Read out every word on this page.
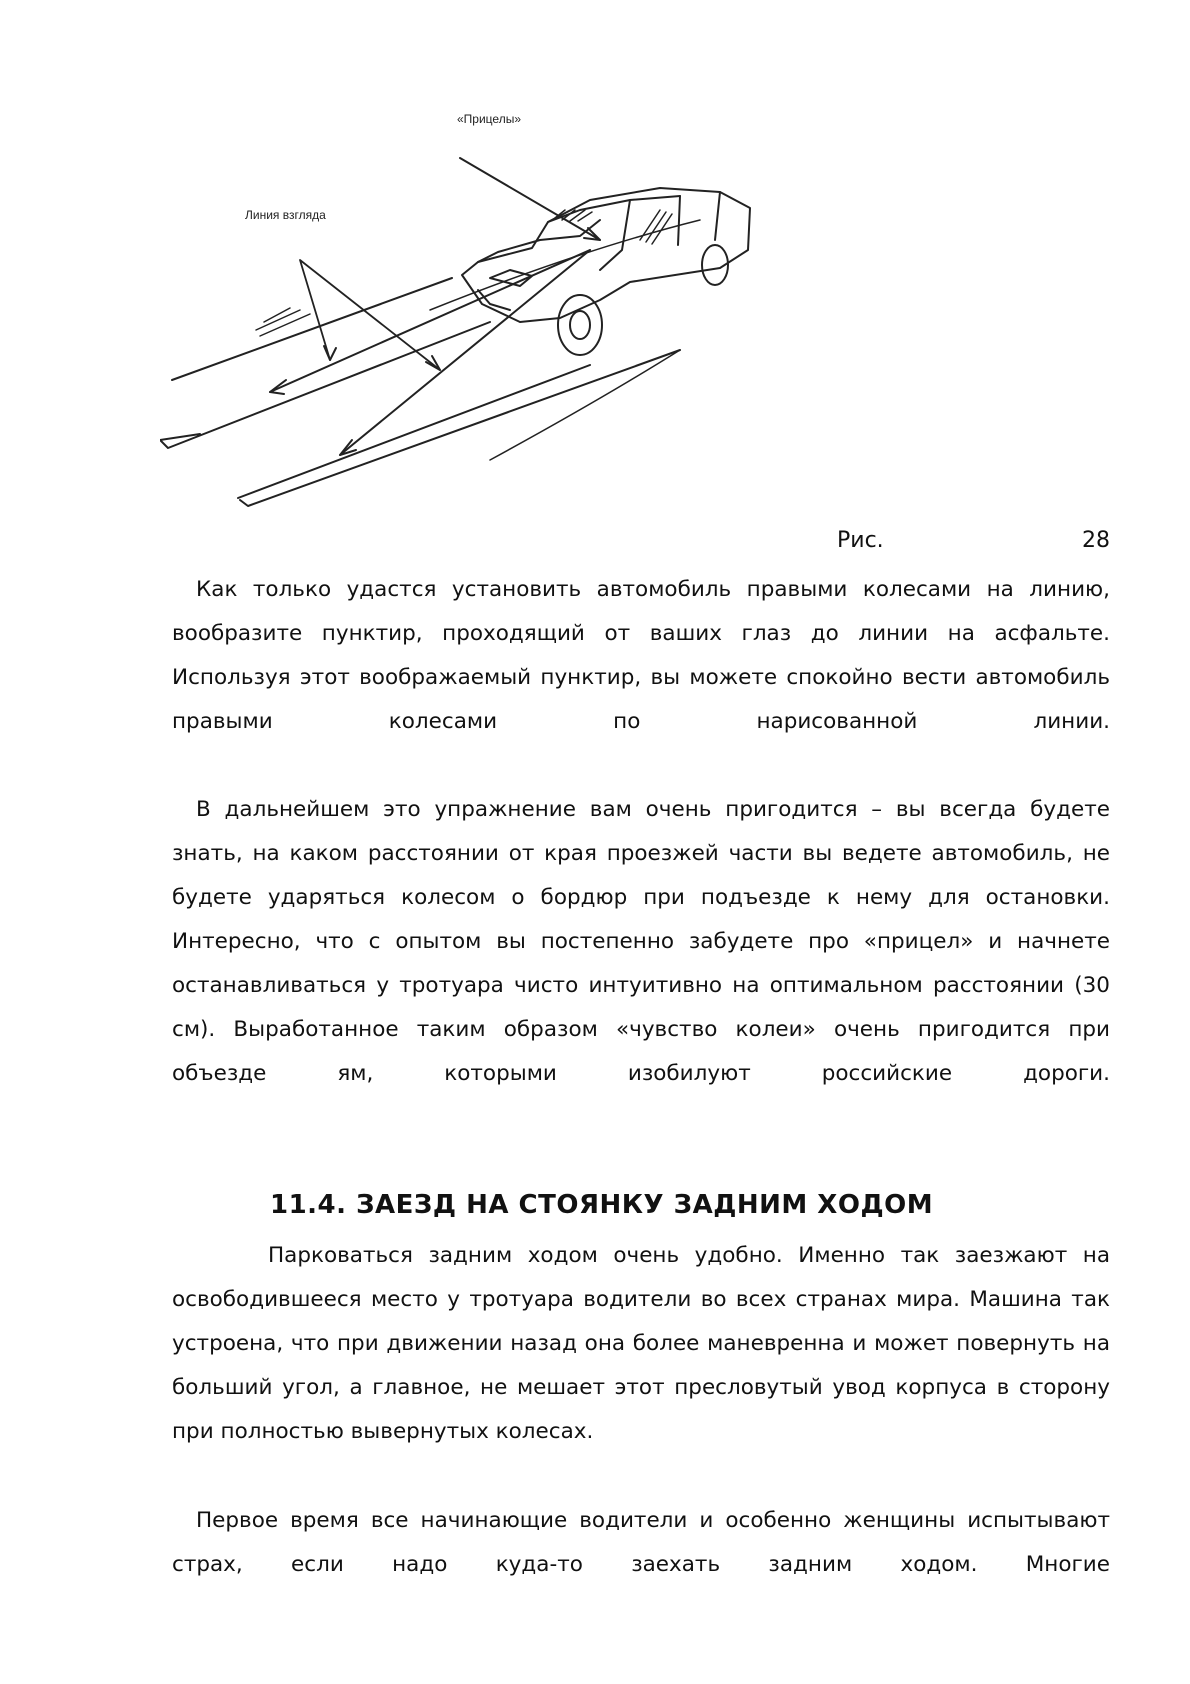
«Прицелы»
Линия взгляда
Рис.	28

Как только удастся установить автомобиль правыми колесами на линию, вообразите пунктир, проходящий от ваших глаз до линии на асфальте. Используя этот воображаемый пунктир, вы можете спокойно вести автомобиль правыми колесами по нарисованной линии.

В дальнейшем это упражнение вам очень пригодится – вы всегда будете знать, на каком расстоянии от края проезжей части вы ведете автомобиль, не будете ударяться колесом о бордюр при подъезде к нему для остановки. Интересно, что с опытом вы постепенно забудете про «прицел» и начнете останавливаться у тротуара чисто интуитивно на оптимальном расстоянии (30 см). Выработанное таким образом «чувство колеи» очень пригодится при объезде ям, которыми изобилуют российские дороги.

11.4. ЗАЕЗД НА СТОЯНКУ ЗАДНИМ ХОДОМ

Парковаться задним ходом очень удобно. Именно так заезжают на освободившееся место у тротуара водители во всех странах мира. Машина так устроена, что при движении назад она более маневренна и может повернуть на больший угол, а главное, не мешает этот пресловутый увод корпуса в сторону при полностью вывернутых колесах.

Первое время все начинающие водители и особенно женщины испытывают страх, если надо куда-то заехать задним ходом. Многие
